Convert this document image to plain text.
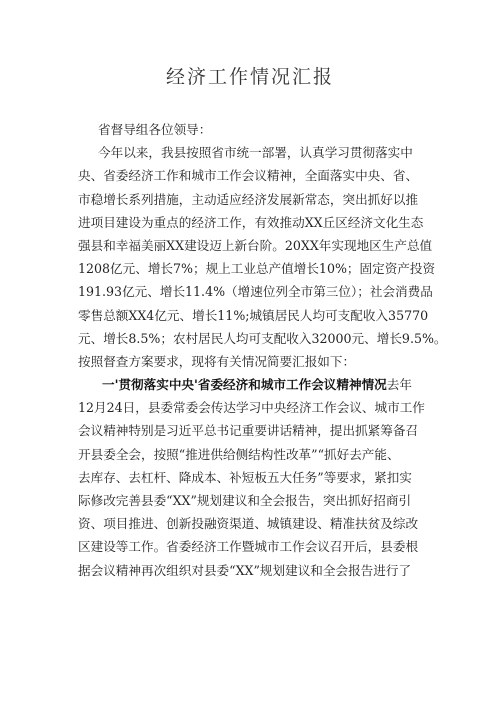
经济工作情况汇报
省督导组各位领导：
今年以来，我县按照省市统一部署，认真学习贯彻落实中
央、省委经济工作和城市工作会议精神，全面落实中央、省、
市稳增长系列措施，主动适应经济发展新常态，突出抓好以推
进项目建设为重点的经济工作，有效推动XX丘区经济文化生态
强县和幸福美丽XX建设迈上新台阶。20XX年实现地区生产总值
1208亿元、增长7%；规上工业总产值增长10%；固定资产投资
191.93亿元、增长11.4%（增速位列全市第三位）；社会消费品
零售总额XX4亿元、增长11%;城镇居民人均可支配收入35770
元、增长8.5%；农村居民人均可支配收入32000元、增长9.5%。
按照督查方案要求，现将有关情况简要汇报如下：
一'贯彻落实中央'省委经济和城市工作会议精神情况去年
12月24日，县委常委会传达学习中央经济工作会议、城市工作
会议精神特别是习近平总书记重要讲话精神，提出抓紧筹备召
开县委全会，按照“推进供给侧结构性改革”“抓好去产能、
去库存、去杠杆、降成本、补短板五大任务”等要求，紧扣实
际修改完善县委“XX”规划建议和全会报告，突出抓好招商引
资、项目推进、创新投融资渠道、城镇建设、精准扶贫及综改
区建设等工作。省委经济工作暨城市工作会议召开后，县委根
据会议精神再次组织对县委“XX”规划建议和全会报告进行了
